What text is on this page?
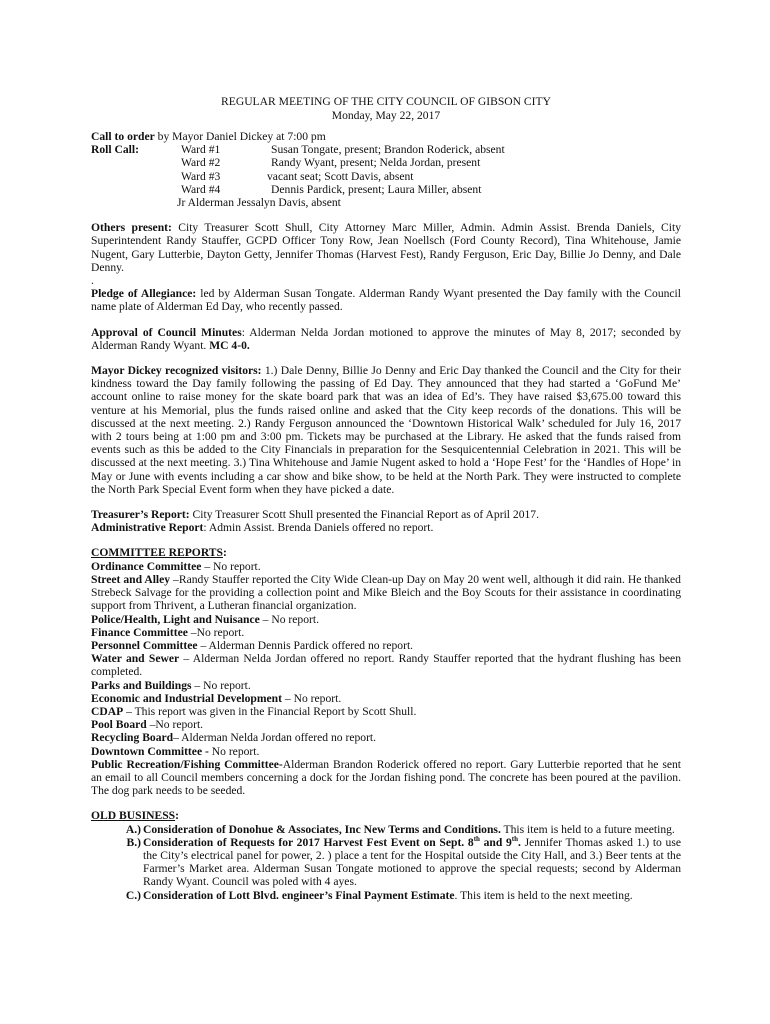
REGULAR MEETING OF THE CITY COUNCIL OF GIBSON CITY
Monday, May 22, 2017

Call to order by Mayor Daniel Dickey at 7:00 pm

Roll Call:	Ward #1	Susan Tongate, present; Brandon Roderick, absent
Ward #2	Randy Wyant, present; Nelda Jordan, present
Ward #3	vacant seat; Scott Davis, absent
Ward #4	Dennis Pardick, present; Laura Miller, absent
Jr Alderman Jessalyn Davis, absent

Others present: City Treasurer Scott Shull, City Attorney Marc Miller, Admin. Admin Assist. Brenda Daniels, City Superintendent Randy Stauffer, GCPD Officer Tony Row, Jean Noellsch (Ford County Record), Tina Whitehouse, Jamie Nugent, Gary Lutterbie, Dayton Getty, Jennifer Thomas (Harvest Fest), Randy Ferguson, Eric Day, Billie Jo Denny, and Dale Denny.

.

Pledge of Allegiance: led by Alderman Susan Tongate. Alderman Randy Wyant presented the Day family with the Council name plate of Alderman Ed Day, who recently passed.

Approval of Council Minutes: Alderman Nelda Jordan motioned to approve the minutes of May 8, 2017; seconded by Alderman Randy Wyant. MC 4-0.

Mayor Dickey recognized visitors: 1.) Dale Denny, Billie Jo Denny and Eric Day thanked the Council and the City for their kindness toward the Day family following the passing of Ed Day. They announced that they had started a ‘GoFund Me’ account online to raise money for the skate board park that was an idea of Ed’s. They have raised $3,675.00 toward this venture at his Memorial, plus the funds raised online and asked that the City keep records of the donations. This will be discussed at the next meeting. 2.) Randy Ferguson announced the ‘Downtown Historical Walk’ scheduled for July 16, 2017 with 2 tours being at 1:00 pm and 3:00 pm. Tickets may be purchased at the Library. He asked that the funds raised from events such as this be added to the City Financials in preparation for the Sesquicentennial Celebration in 2021. This will be discussed at the next meeting. 3.) Tina Whitehouse and Jamie Nugent asked to hold a ‘Hope Fest’ for the ‘Handles of Hope’ in May or June with events including a car show and bike show, to be held at the North Park. They were instructed to complete the North Park Special Event form when they have picked a date.

Treasurer’s Report: City Treasurer Scott Shull presented the Financial Report as of April 2017.

Administrative Report: Admin Assist. Brenda Daniels offered no report.

COMMITTEE REPORTS:

Ordinance Committee – No report.

Street and Alley –Randy Stauffer reported the City Wide Clean-up Day on May 20 went well, although it did rain. He thanked Strebeck Salvage for the providing a collection point and Mike Bleich and the Boy Scouts for their assistance in coordinating support from Thrivent, a Lutheran financial organization.

Police/Health, Light and Nuisance – No report.

Finance Committee –No report.

Personnel Committee – Alderman Dennis Pardick offered no report.

Water and Sewer – Alderman Nelda Jordan offered no report. Randy Stauffer reported that the hydrant flushing has been completed.

Parks and Buildings – No report.

Economic and Industrial Development – No report.

CDAP – This report was given in the Financial Report by Scott Shull.

Pool Board –No report.

Recycling Board– Alderman Nelda Jordan offered no report.

Downtown Committee - No report.

Public Recreation/Fishing Committee-Alderman Brandon Roderick offered no report. Gary Lutterbie reported that he sent an email to all Council members concerning a dock for the Jordan fishing pond. The concrete has been poured at the pavilion. The dog park needs to be seeded.

OLD BUSINESS:

A.) Consideration of Donohue & Associates, Inc New Terms and Conditions. This item is held to a future meeting.
B.) Consideration of Requests for 2017 Harvest Fest Event on Sept. 8th and 9th. Jennifer Thomas asked 1.) to use the City’s electrical panel for power, 2. ) place a tent for the Hospital outside the City Hall, and 3.) Beer tents at the Farmer’s Market area. Alderman Susan Tongate motioned to approve the special requests; second by Alderman Randy Wyant. Council was poled with 4 ayes.
C.) Consideration of Lott Blvd. engineer’s Final Payment Estimate. This item is held to the next meeting.
